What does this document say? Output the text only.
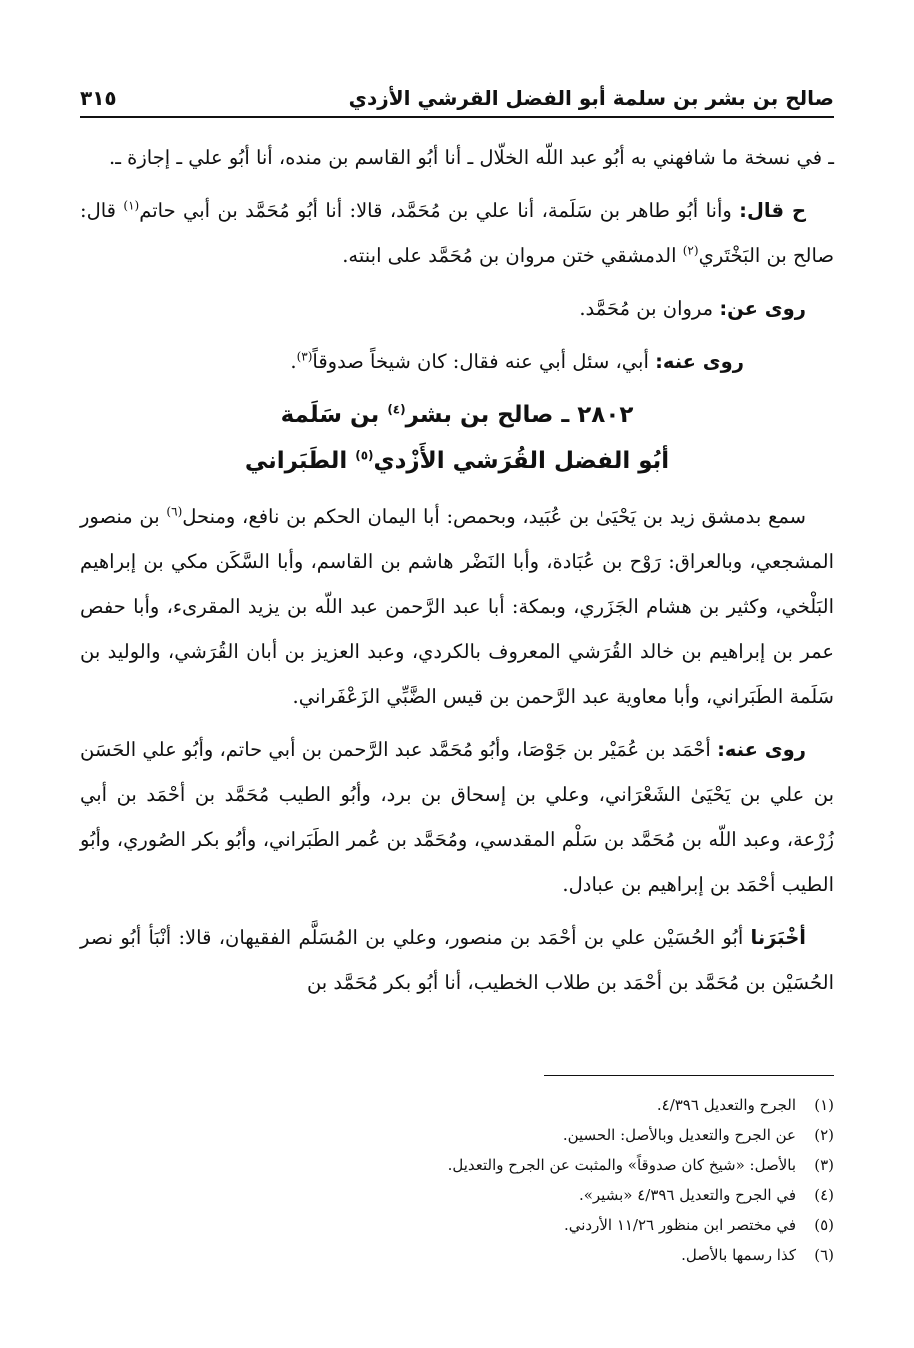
صالح بن بشر بن سلمة أبو الفضل القرشي الأزدي
٣١٥

ـ في نسخة ما شافهني به أبُو عبد اللّه الخلّال ـ أنا أبُو القاسم بن منده، أنا أبُو علي ـ إجازة ـ.

ح قال: وأنا أبُو طاهر بن سَلَمة، أنا علي بن مُحَمَّد، قالا: أنا أبُو مُحَمَّد بن أبي حاتم$^{(١)}$ قال: صالح بن البَخْتَري$^{(٢)}$ الدمشقي ختن مروان بن مُحَمَّد على ابنته.

روى عن: مروان بن مُحَمَّد.

روى عنه: أبي، سئل أبي عنه فقال: كان شيخاً صدوقاً$^{(٣)}$.

٢٨٠٢ ـ صالح بن بشر$^{(٤)}$ بن سَلَمة
أبُو الفضل القُرَشي الأَزْدي$^{(٥)}$ الطَبَراني

سمع بدمشق زيد بن يَحْيَىٰ بن عُبَيد، وبحمص: أبا اليمان الحكم بن نافع، ومنحل$^{(٦)}$ بن منصور المشجعي، وبالعراق: رَوْح بن عُبَادة، وأبا النَضْر هاشم بن القاسم، وأبا السَّكَن مكي بن إبراهيم البَلْخي، وكثير بن هشام الجَزَري، وبمكة: أبا عبد الرَّحمن عبد اللّه بن يزيد المقرىء، وأبا حفص عمر بن إبراهيم بن خالد القُرَشي المعروف بالكردي، وعبد العزيز بن أبان القُرَشي، والوليد بن سَلَمة الطَبَراني، وأبا معاوية عبد الرَّحمن بن قيس الضَّبِّي الزَعْفَراني.

روى عنه: أحْمَد بن عُمَيْر بن جَوْصَا، وأبُو مُحَمَّد عبد الرَّحمن بن أبي حاتم، وأبُو علي الحَسَن بن علي بن يَحْيَىٰ الشَعْرَاني، وعلي بن إسحاق بن برد، وأبُو الطيب مُحَمَّد بن أحْمَد بن أبي زُرْعة، وعبد اللّه بن مُحَمَّد بن سَلْم المقدسي، ومُحَمَّد بن عُمر الطَبَراني، وأبُو بكر الصُوري، وأبُو الطيب أحْمَد بن إبراهيم بن عبادل.

أخْبَرَنا أبُو الحُسَيْن علي بن أحْمَد بن منصور، وعلي بن المُسَلَّم الفقيهان، قالا: أنْبَأ أبُو نصر الحُسَيْن بن مُحَمَّد بن أحْمَد بن طلاب الخطيب، أنا أبُو بكر مُحَمَّد بن

(١)
الجرح والتعديل ٤/٣٩٦.
(٢)
عن الجرح والتعديل وبالأصل: الحسين.
(٣)
بالأصل: «شيخ كان صدوقاً» والمثبت عن الجرح والتعديل.
(٤)
في الجرح والتعديل ٤/٣٩٦ «بشير».
(٥)
في مختصر ابن منظور ١١/٢٦ الأردني.
(٦)
كذا رسمها بالأصل.
